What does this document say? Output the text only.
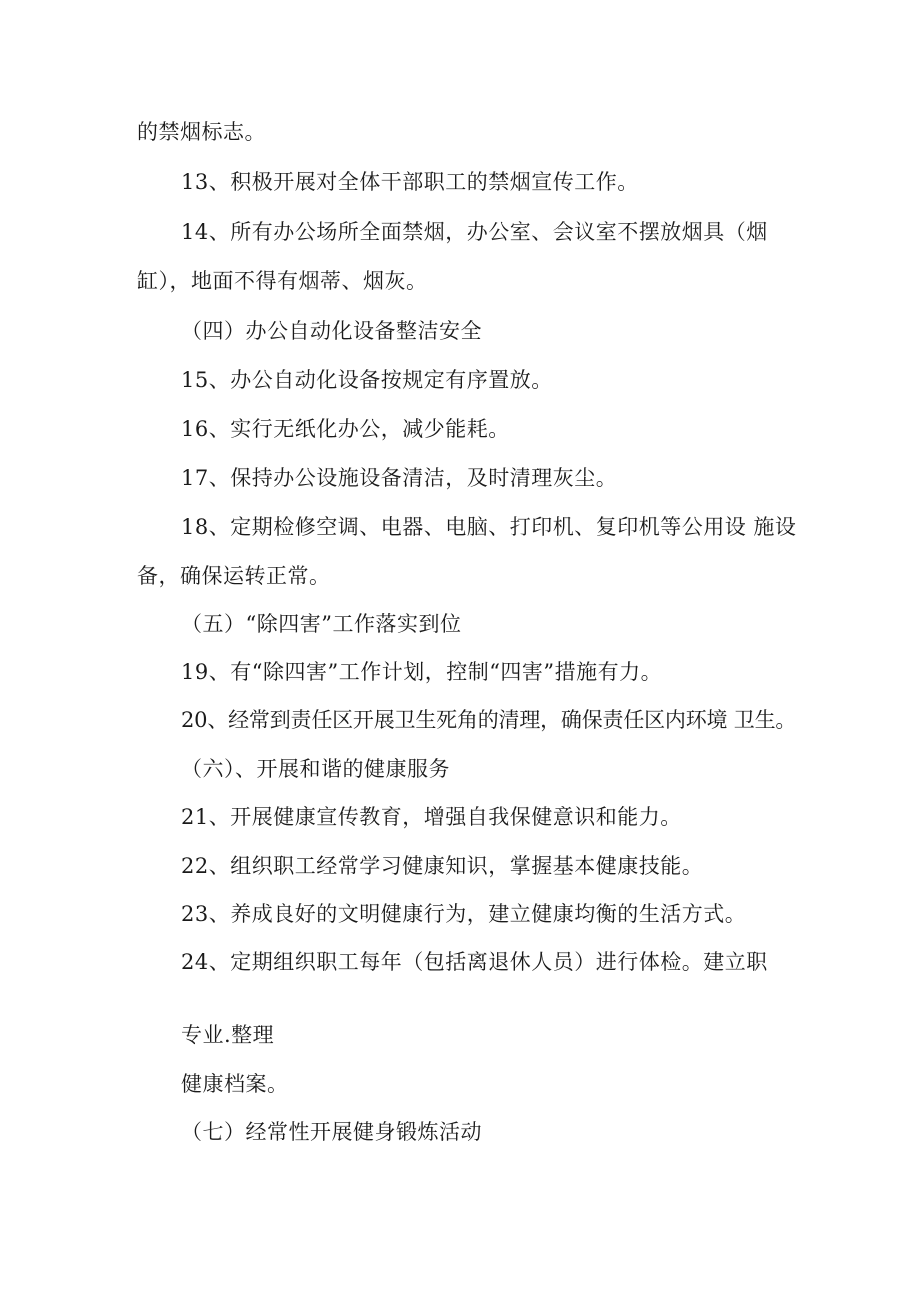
的禁烟标志。
13、积极开展对全体干部职工的禁烟宣传工作。
14、所有办公场所全面禁烟，办公室、会议室不摆放烟具（烟
缸），地面不得有烟蒂、烟灰。
（四）办公自动化设备整洁安全
15、办公自动化设备按规定有序置放。
16、实行无纸化办公，减少能耗。
17、保持办公设施设备清洁，及时清理灰尘。
18、定期检修空调、电器、电脑、打印机、复印机等公用设 施设
备，确保运转正常。
（五）“除四害”工作落实到位
19、有“除四害”工作计划，控制“四害”措施有力。
20、经常到责任区开展卫生死角的清理，确保责任区内环境 卫生。
（六）、开展和谐的健康服务
21、开展健康宣传教育，增强自我保健意识和能力。
22、组织职工经常学习健康知识，掌握基本健康技能。
23、养成良好的文明健康行为，建立健康均衡的生活方式。
24、定期组织职工每年（包括离退休人员）进行体检。建立职
专业.整理
健康档案。
（七）经常性开展健身锻炼活动
